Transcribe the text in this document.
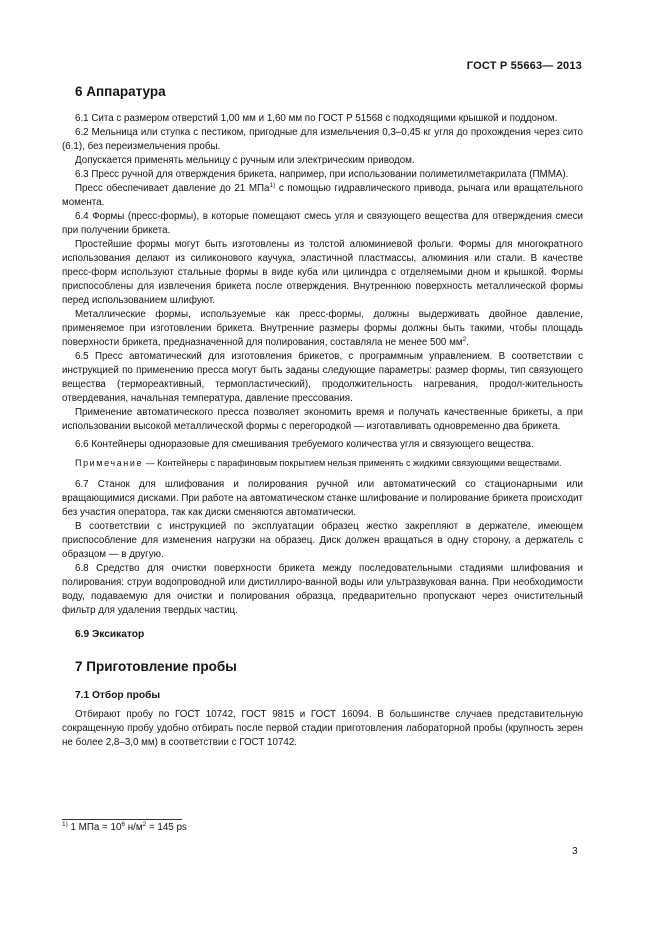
ГОСТ Р 55663— 2013
6 Аппаратура

6.1 Сита с размером отверстий 1,00 мм и 1,60 мм по ГОСТ Р 51568 с подходящими крышкой и поддоном.

6.2 Мельница или ступка с пестиком, пригодные для измельчения 0,3–0,45 кг угля до прохождения через сито (6.1), без переизмельчения пробы.

Допускается применять мельницу с ручным или электрическим приводом.

6.3 Пресс ручной для отверждения брикета, например, при использовании полиметилметакрилата (ПММА).

Пресс обеспечивает давление до 21 МПа$^{1)}$ с помощью гидравлического привода, рычага или вращательного момента.

6.4 Формы (пресс-формы), в которые помещают смесь угля и связующего вещества для отверждения смеси при получении брикета.

Простейшие формы могут быть изготовлены из толстой алюминиевой фольги. Формы для многократного использования делают из силиконового каучука, эластичной пластмассы, алюминия или стали. В качестве пресс-форм используют стальные формы в виде куба или цилиндра с отделяемыми дном и крышкой. Формы приспособлены для извлечения брикета после отверждения. Внутреннюю поверхность металлической формы перед использованием шлифуют.

Металлические формы, используемые как пресс-формы, должны выдерживать двойное давление, применяемое при изготовлении брикета. Внутренние размеры формы должны быть такими, чтобы площадь поверхности брикета, предназначенной для полирования, составляла не менее 500 $мм^2$.

6.5 Пресс автоматический для изготовления брикетов, с программным управлением. В соответствии с инструкцией по применению пресса могут быть заданы следующие параметры: размер формы, тип связующего вещества (термореактивный, термопластический), продолжительность нагревания, продол-жительность отвердевания, начальная температура, давление прессования.

Применение автоматического пресса позволяет экономить время и получать качественные брикеты, а при использовании высокой металлической формы с перегородкой — изготавливать одновременно два брикета.

6.6 Контейнеры одноразовые для смешивания требуемого количества угля и связующего вещества.

Примечание — Контейнеры с парафиновым покрытием нельзя применять с жидкими связующими веществами.

6.7 Станок для шлифования и полирования ручной или автоматический со стационарными или вращающимися дисками. При работе на автоматическом станке шлифование и полирование брикета происходит без участия оператора, так как диски сменяются автоматически.

В соответствии с инструкцией по эксплуатации образец жестко закрепляют в держателе, имеющем приспособление для изменения нагрузки на образец. Диск должен вращаться в одну сторону, а держатель с образцом — в другую.

6.8 Средство для очистки поверхности брикета между последовательными стадиями шлифования и полирования: струи водопроводной или дистиллиро-ванной воды или ультразвуковая ванна. При необходимости воду, подаваемую для очистки и полирования образца, предварительно пропускают через очистительный фильтр для удаления твердых частиц.

6.9 Эксикатор
7 Приготовление пробы
7.1 Отбор пробы

Отбирают пробу по ГОСТ 10742, ГОСТ 9815 и ГОСТ 16094. В большинстве случаев представительную сокращенную пробу удобно отбирать после первой стадии приготовления лабораторной пробы (крупность зерен не более 2,8–3,0 мм) в соответствии с ГОСТ 10742.

$^{1)}$ 1 МПа = $10^6$ $н/м^2 = 145$ ps
3
